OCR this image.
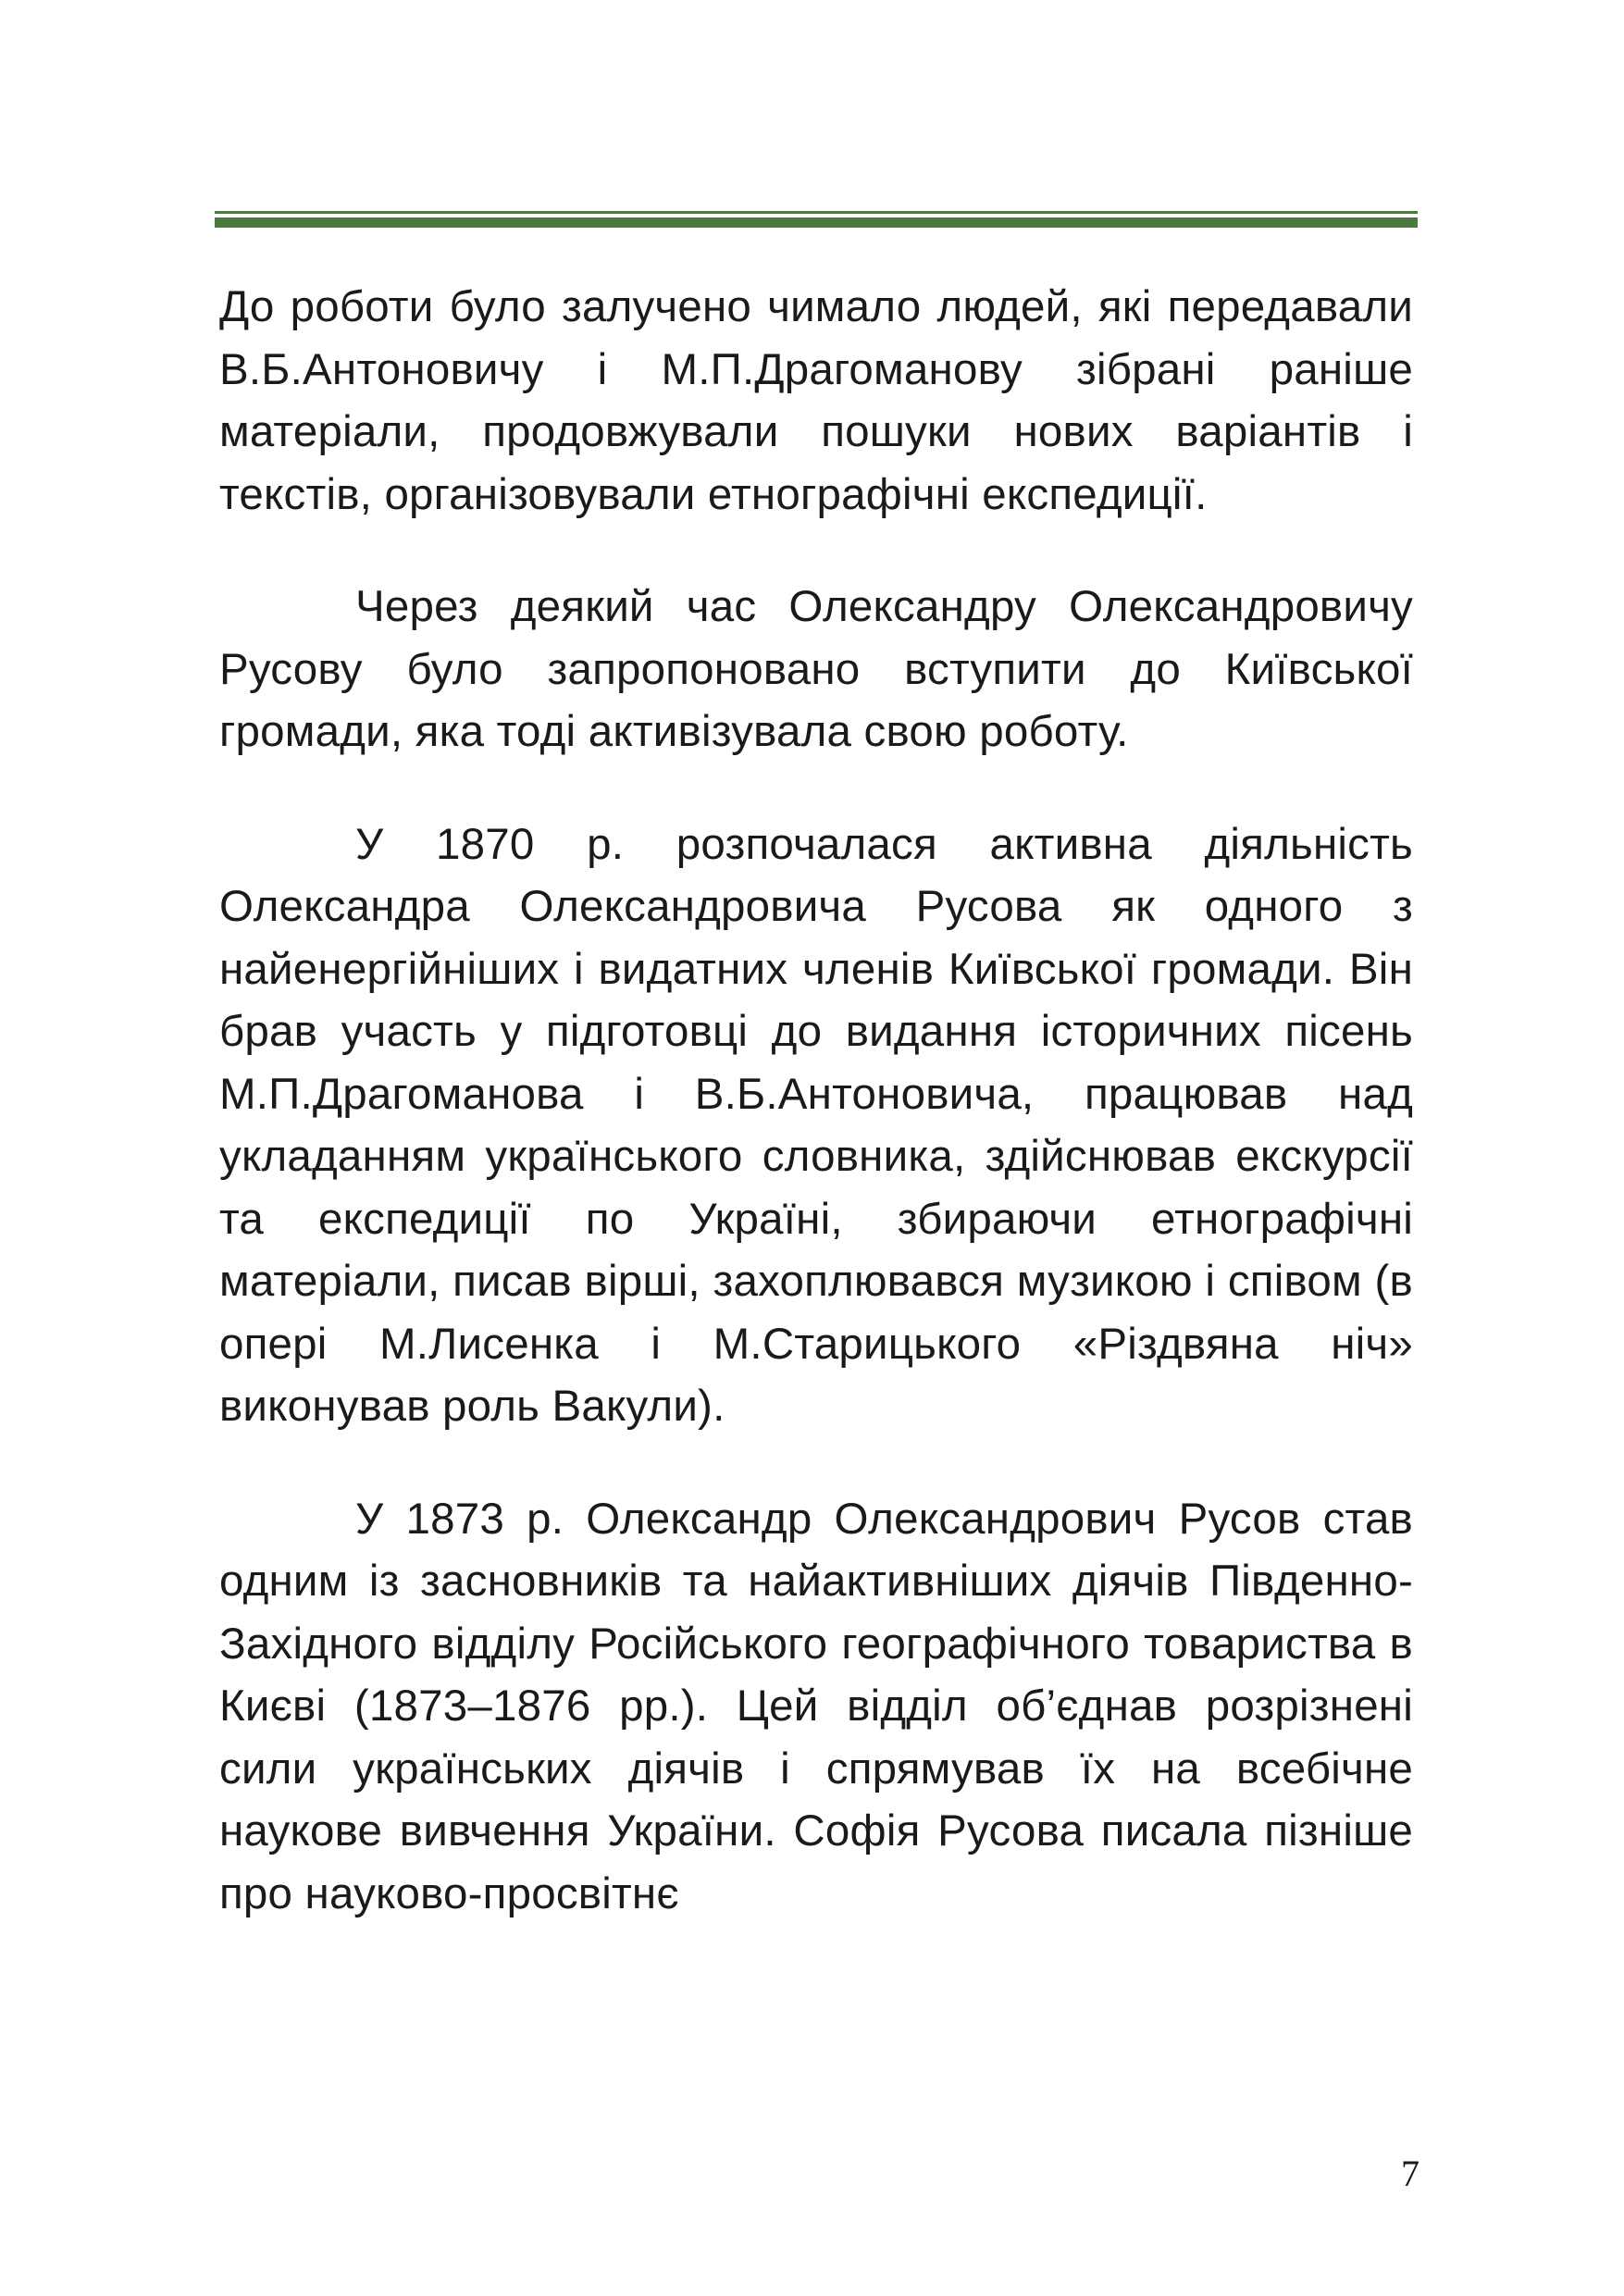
До роботи було залучено чимало людей, які передавали В.Б.Антоновичу і М.П.Драгоманову зібрані раніше матеріали, продовжували пошуки нових варіантів і текстів, організовували етнографічні експедиції.

Через деякий час Олександру Олександровичу Русову було запропоновано вступити до Київської громади, яка тоді активізувала свою роботу.

У 1870 р. розпочалася активна діяльність Олександра Олександровича Русова як одного з найенергійніших і видатних членів Київської громади. Він брав участь у підготовці до видання історичних пісень М.П.Драгоманова і В.Б.Антоновича, працював над укладанням українського словника, здійснював екскурсії та експедиції по Україні, збираючи етнографічні матеріали, писав вірші, захоплювався музикою і співом (в опері М.Лисенка і М.Старицького «Різдвяна ніч» виконував роль Вакули).

У 1873 р. Олександр Олександрович Русов став одним із засновників та найактивніших діячів Південно-Західного відділу Російського географічного товариства в Києві (1873–1876 рр.). Цей відділ об’єднав розрізнені сили українських діячів і спрямував їх на всебічне наукове вивчення України. Софія Русова писала пізніше про науково-просвітнє

7
